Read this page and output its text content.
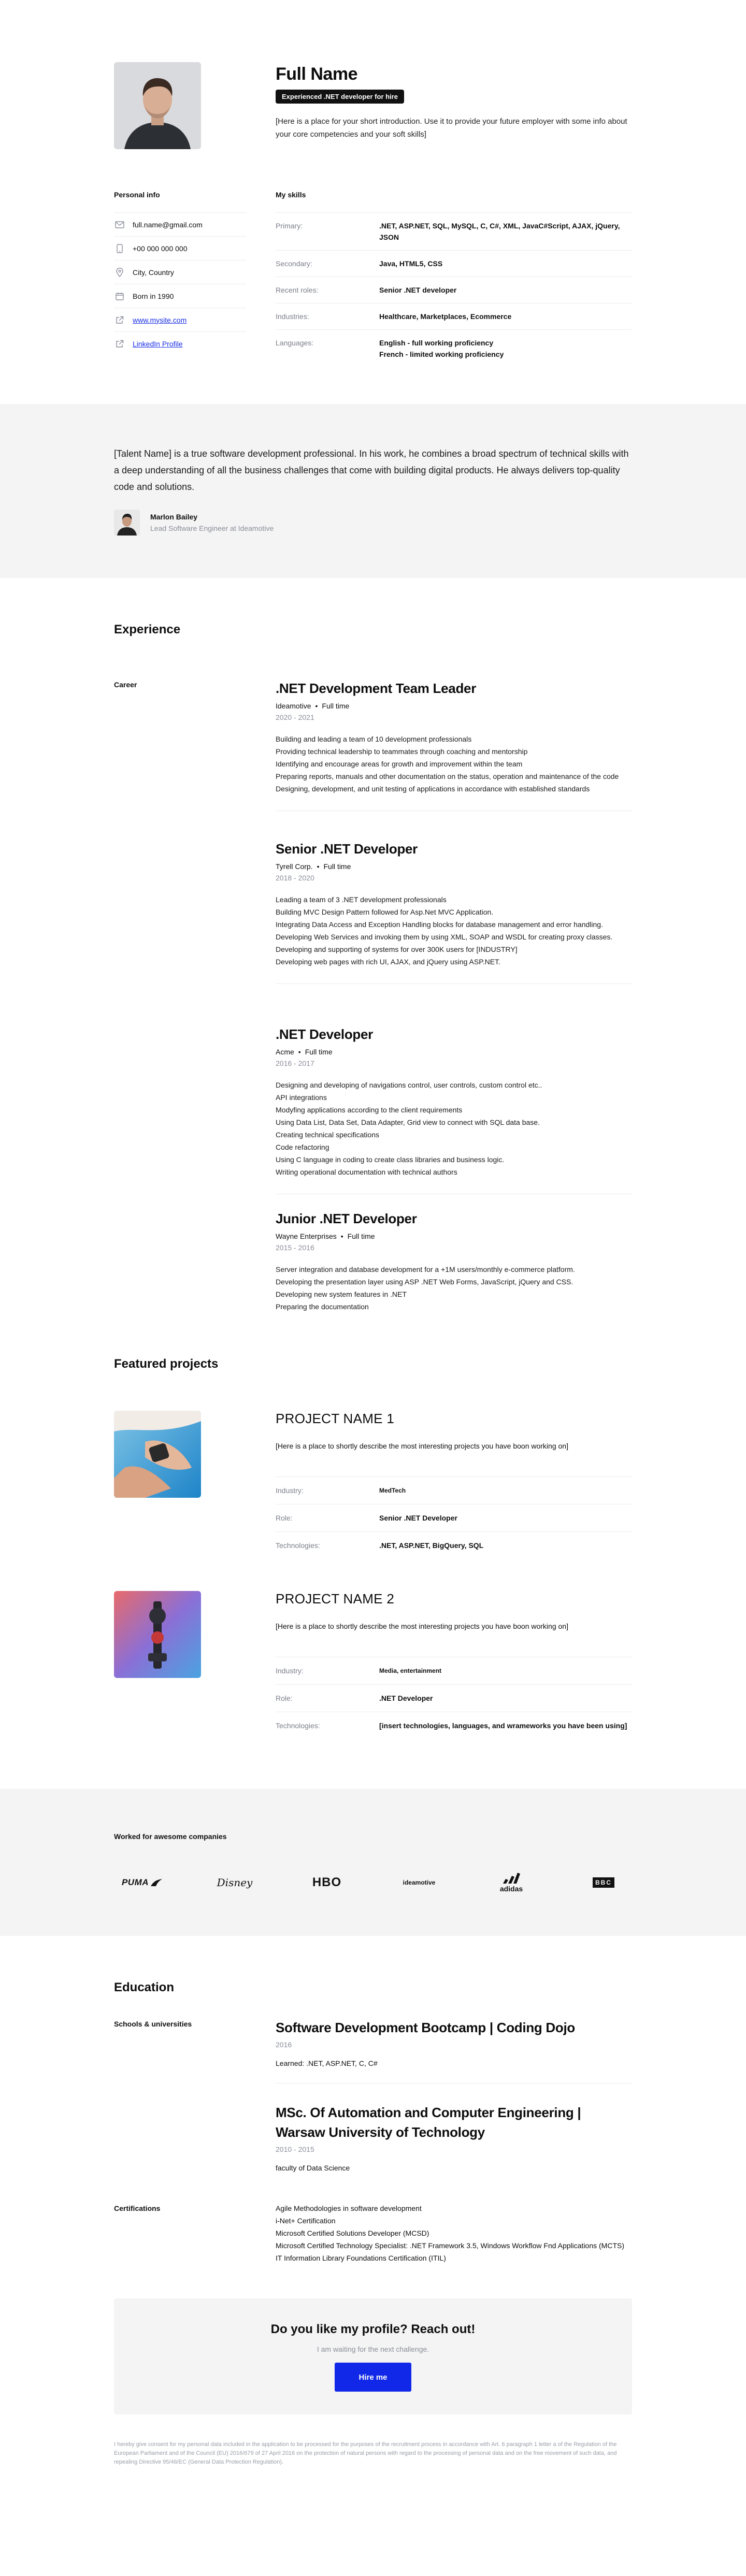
Full Name
Experienced .NET developer for hire

[Here is a place for your short introduction. Use it to provide your future employer with some info about your core competencies and your soft skills]

Personal info	My skills
full.name@gmail.com
+00 000 000 000
City, Country
Born in 1990
www.mysite.com
LinkedIn Profile
Primary:	.NET, ASP.NET, SQL, MySQL, C, C#, XML, JavaC#Script, AJAX, jQuery, JSON
Secondary:	Java, HTML5, CSS
Recent roles:	Senior .NET developer
Industries:	Healthcare, Marketplaces, Ecommerce
Languages:	English - full working proficiency
French - limited working proficiency

[Talent Name] is a true software development professional. In his work, he combines a broad spectrum of technical skills with a deep understanding of all the business challenges that come with building digital products. He always delivers top-quality code and solutions.

Marlon Bailey
Lead Software Engineer at Ideamotive
Experience
Career	.NET Development Team Leader
Ideamotive • Full time
2020 - 2021
Building and leading a team of 10 development professionals
Providing technical leadership to teammates through coaching and mentorship
Identifying and encourage areas for growth and improvement within the team
Preparing reports, manuals and other documentation on the status, operation and maintenance of the code
Designing, development, and unit testing of applications in accordance with established standards
Senior .NET Developer
Tyrell Corp. • Full time
2018 - 2020
Leading a team of 3 .NET development professionals
Building MVC Design Pattern followed for Asp.Net MVC Application.
Integrating Data Access and Exception Handling blocks for database management and error handling.
Developing Web Services and invoking them by using XML, SOAP and WSDL for creating proxy classes.
Developing and supporting of systems for over 300K users for [INDUSTRY]
Developing web pages with rich UI, AJAX, and jQuery using ASP.NET.
.NET Developer
Acme • Full time
2016 - 2017
Designing and developing of navigations control, user controls, custom control etc..
API integrations
Modyfing applications according to the client requirements
Using Data List, Data Set, Data Adapter, Grid view to connect with SQL data base.
Creating technical specifications
Code refactoring
Using C language in coding to create class libraries and business logic.
Writing operational documentation with technical authors
Junior .NET Developer
Wayne Enterprises • Full time
2015 - 2016
Server integration and database development for a +1M users/monthly e-commerce platform.
Developing the presentation layer using ASP .NET Web Forms, JavaScript, jQuery and CSS.
Developing new system features in .NET
Preparing the documentation
Featured projects
PROJECT NAME 1

[Here is a place to shortly describe the most interesting projects you have boon working on]

Industry:	MedTech
Role:	Senior .NET Developer
Technologies:	.NET, ASP.NET, BigQuery, SQL
PROJECT NAME 2

[Here is a place to shortly describe the most interesting projects you have boon working on]

Industry:	Media, entertainment
Role:	.NET Developer
Technologies:	[insert technologies, languages, and wrameworks you have been using]
Worked for awesome companies
PUMA	Disney	HBO	ideamotive
adidas
BBC
Education
Schools & universities	Software Development Bootcamp | Coding Dojo
2016
Learned: .NET, ASP.NET, C, C#
MSc. Of Automation and Computer Engineering | Warsaw University of Technology
2010 - 2015
faculty of Data Science
Certifications	Agile Methodologies in software development
i-Net+ Certification
Microsoft Certified Solutions Developer (MCSD)
Microsoft Certified Technology Specialist: .NET Framework 3.5, Windows Workflow Fnd Applications (MCTS)
IT Information Library Foundations Certification (ITIL)
Do you like my profile? Reach out!

I am waiting for the next challenge.

Hire me

I hereby give consent for my personal data included in the application to be processed for the purposes of the recruitment process in accordance with Art. 6 paragraph 1 letter a of the Regulation of the European Parliament and of the Council (EU) 2016/679 of 27 April 2016 on the protection of natural persons with regard to the processing of personal data and on the free movement of such data, and repealing Directive 95/46/EC (General Data Protection Regulation).
